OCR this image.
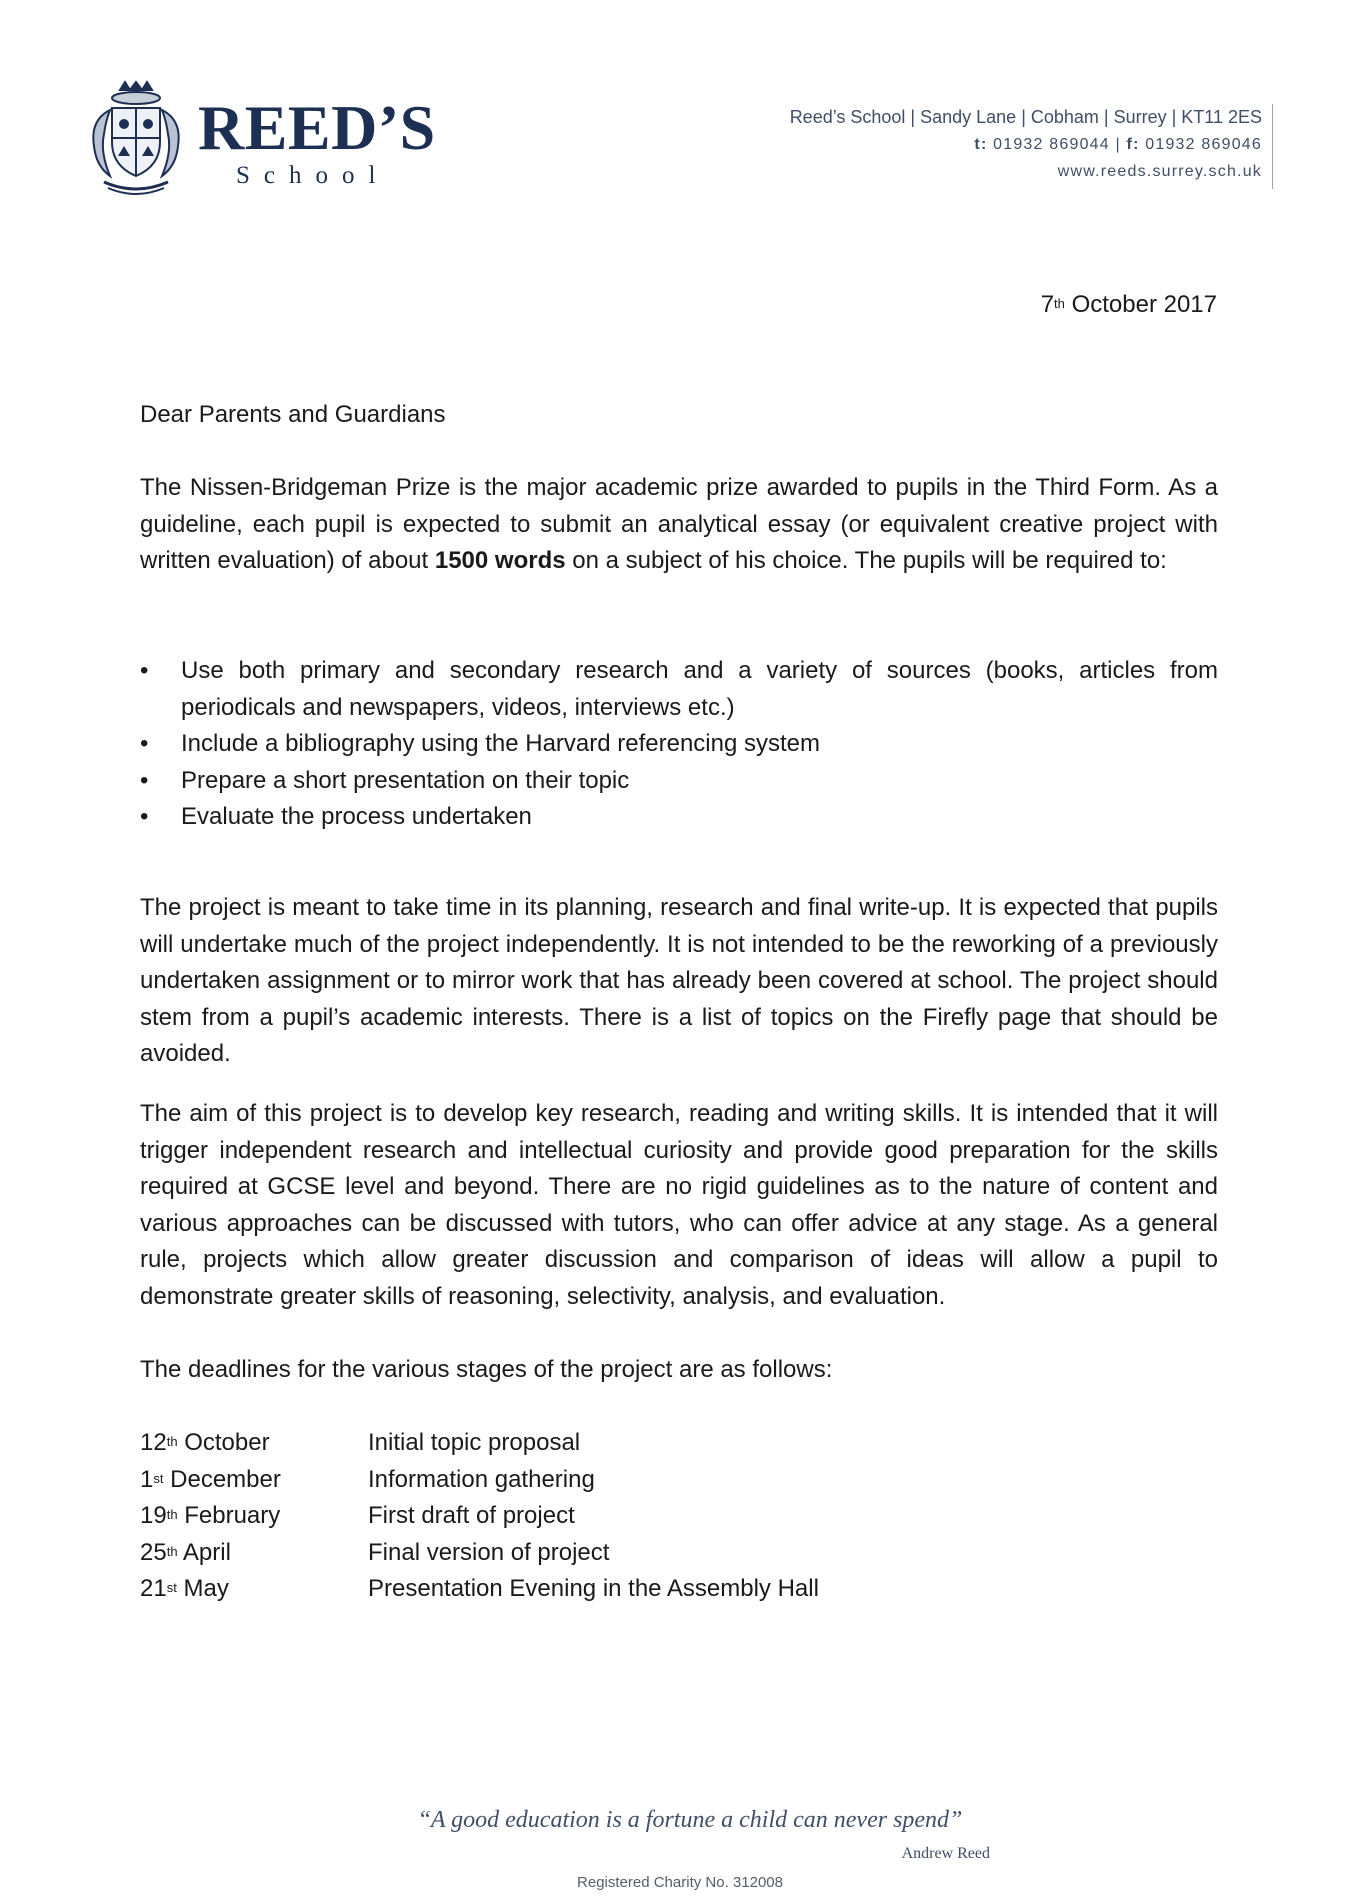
REED’S
School
Reed’s School | Sandy Lane | Cobham | Surrey | KT11 2ES
t: 01932 869044 | f: 01932 869046
www.reeds.surrey.sch.uk
7th October 2017
Dear Parents and Guardians

The Nissen-Bridgeman Prize is the major academic prize awarded to pupils in the Third Form. As a guideline, each pupil is expected to submit an analytical essay (or equivalent creative project with written evaluation) of about 1500 words on a subject of his choice. The pupils will be required to:

• Use both primary and secondary research and a variety of sources (books, articles from periodicals and newspapers, videos, interviews etc.)
• Include a bibliography using the Harvard referencing system
• Prepare a short presentation on their topic
• Evaluate the process undertaken

The project is meant to take time in its planning, research and final write-up. It is expected that pupils will undertake much of the project independently. It is not intended to be the reworking of a previously undertaken assignment or to mirror work that has already been covered at school. The project should stem from a pupil’s academic interests. There is a list of topics on the Firefly page that should be avoided.

The aim of this project is to develop key research, reading and writing skills. It is intended that it will trigger independent research and intellectual curiosity and provide good preparation for the skills required at GCSE level and beyond. There are no rigid guidelines as to the nature of content and various approaches can be discussed with tutors, who can offer advice at any stage. As a general rule, projects which allow greater discussion and comparison of ideas will allow a pupil to demonstrate greater skills of reasoning, selectivity, analysis, and evaluation.

The deadlines for the various stages of the project are as follows:

12th October	Initial topic proposal
1st December	Information gathering
19th February	First draft of project
25th April	Final version of project
21st May	Presentation Evening in the Assembly Hall
“A good education is a fortune a child can never spend”
Andrew Reed
Registered Charity No. 312008
